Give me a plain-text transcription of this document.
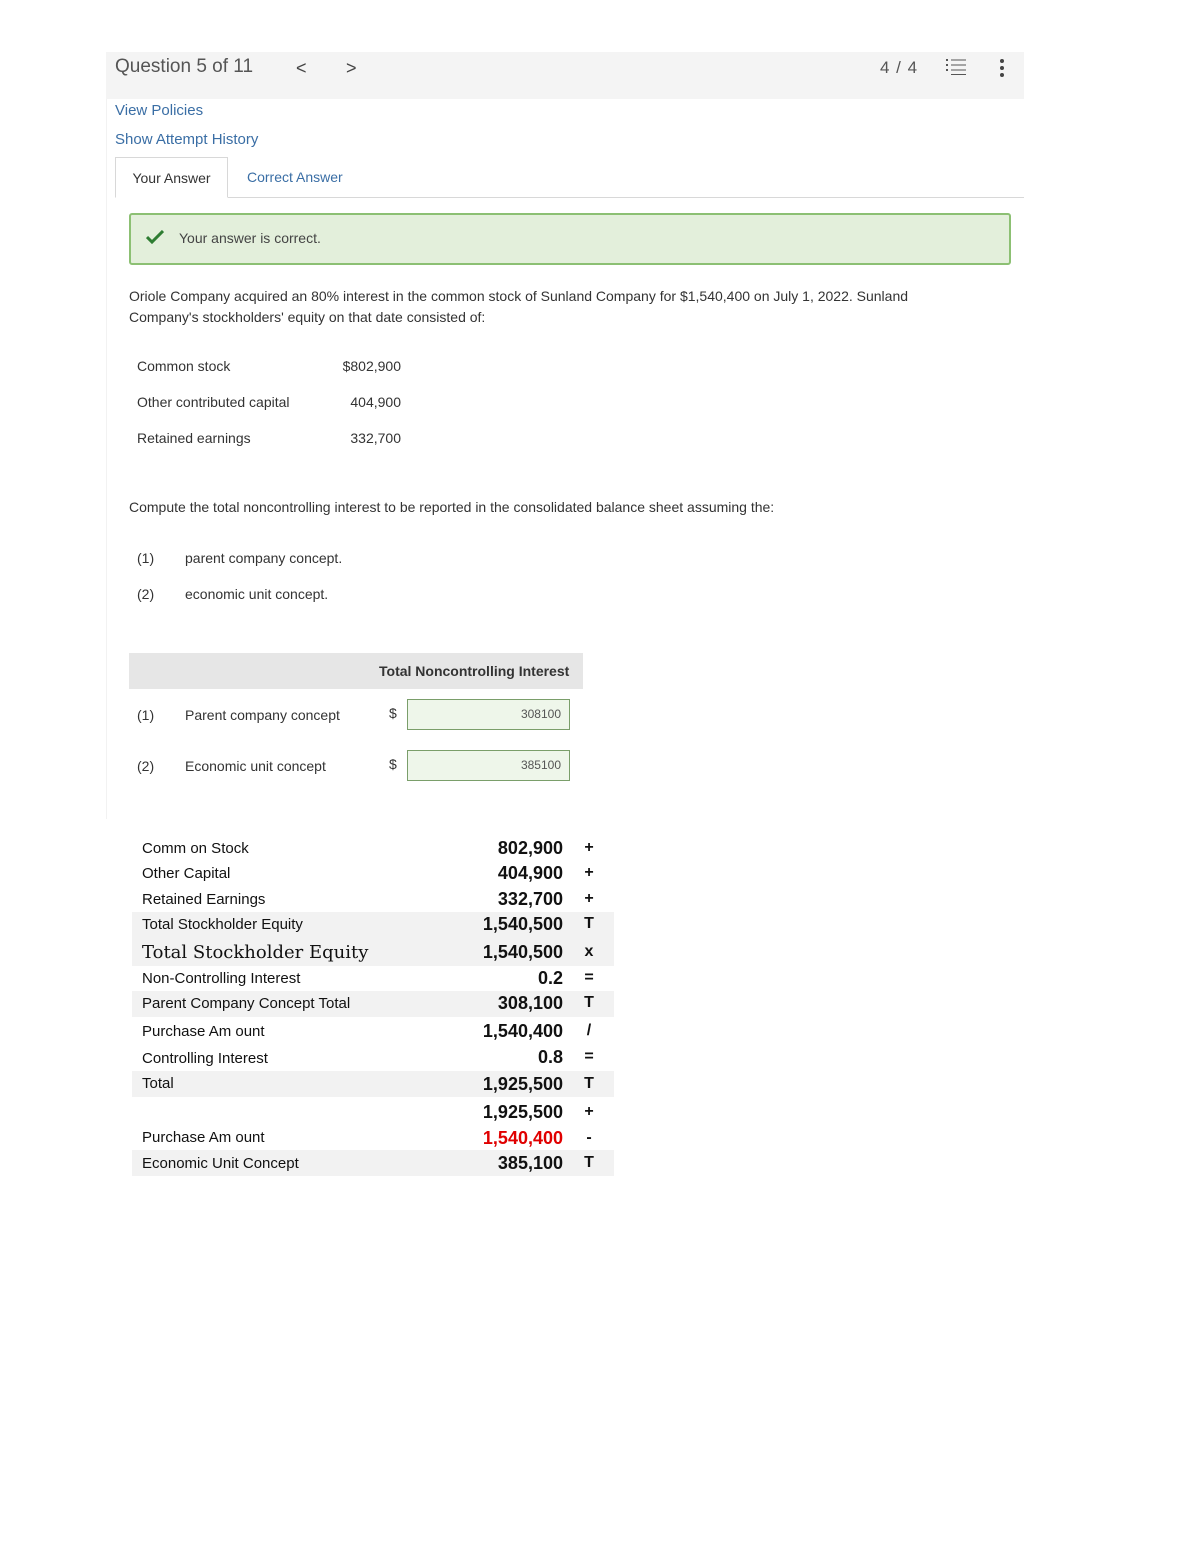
Question 5 of 11 < >	4 / 4
View Policies
Show Attempt History
Your Answer	Correct Answer
Your answer is correct.
Oriole Company acquired an 80% interest in the common stock of Sunland Company for $1,540,400 on July 1, 2022. Sunland
Company's stockholders' equity on that date consisted of:
Common stock	$802,900
Other contributed capital	404,900
Retained earnings	332,700
Compute the total noncontrolling interest to be reported in the consolidated balance sheet assuming the:
(1) parent company concept.
(2) economic unit concept.
Total Noncontrolling Interest
(1) Parent company concept	$	308100
(2) Economic unit concept	$	385100
Comm on Stock	802,900	+
Other Capital	404,900	+
Retained Earnings	332,700	+
Total Stockholder Equity	1,540,500	T
Total Stockholder Equity	1,540,500	x
Non-Controlling Interest	0.2	=
Parent Company Concept Total	308,100	T
Purchase Am ount	1,540,400	/
Controlling Interest	0.8	=
Total	1,925,500	T
1,925,500	+
Purchase Am ount	1,540,400	-
Economic Unit Concept	385,100	T
